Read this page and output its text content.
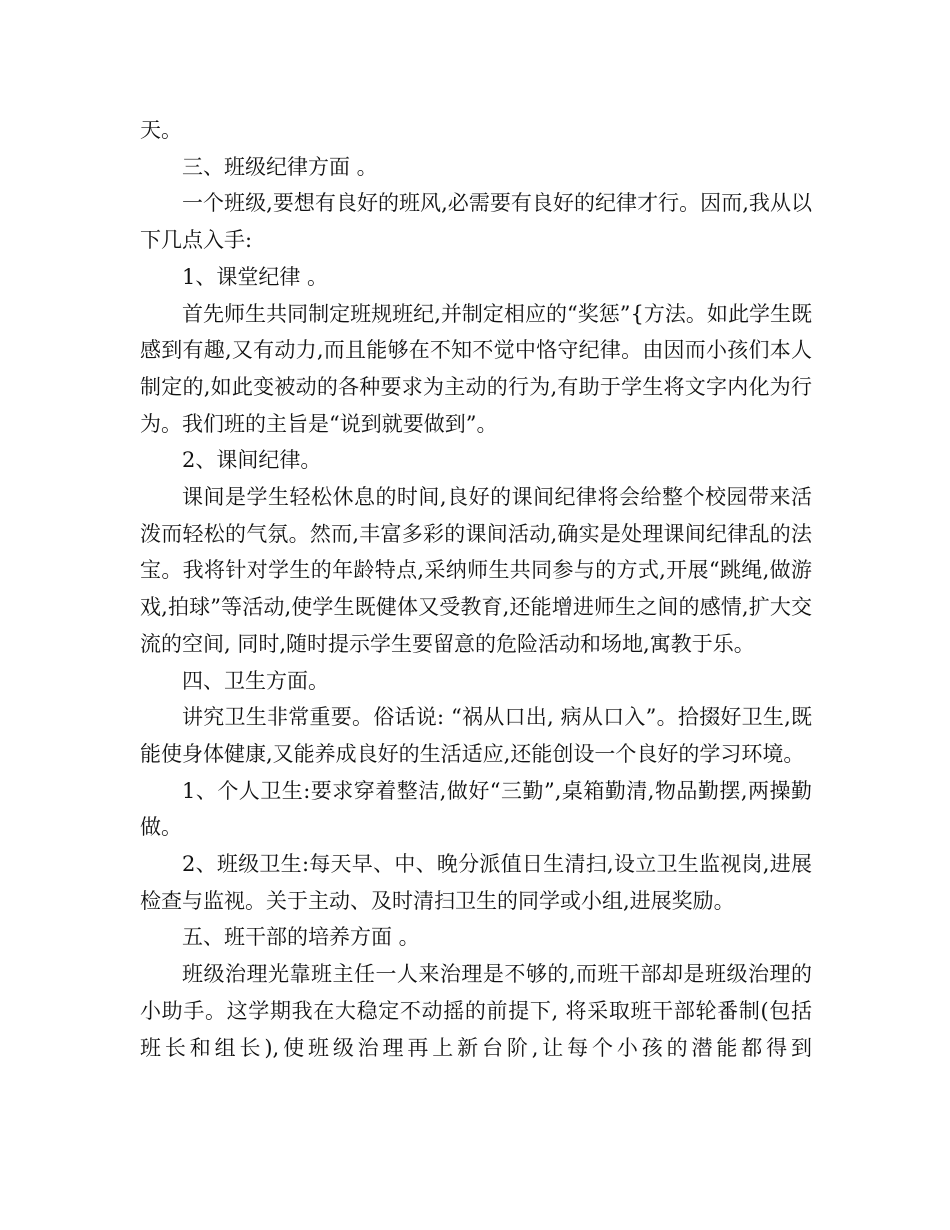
天。

三、班级纪律方面 。

一个班级,要想有良好的班风,必需要有良好的纪律才行。因而,我从以下几点入手:

1、课堂纪律 。

首先师生共同制定班规班纪,并制定相应的“奖惩”{方法。如此学生既感到有趣,又有动力,而且能够在不知不觉中恪守纪律。由因而小孩们本人制定的,如此变被动的各种要求为主动的行为,有助于学生将文字内化为行为。我们班的主旨是“说到就要做到”。

2、课间纪律。

课间是学生轻松休息的时间,良好的课间纪律将会给整个校园带来活泼而轻松的气氛。然而,丰富多彩的课间活动,确实是处理课间纪律乱的法宝。我将针对学生的年龄特点,采纳师生共同参与的方式,开展“跳绳,做游戏,拍球”等活动,使学生既健体又受教育,还能增进师生之间的感情,扩大交流的空间, 同时,随时提示学生要留意的危险活动和场地,寓教于乐。

四、卫生方面。

讲究卫生非常重要。俗话说: “祸从口出, 病从口入”。拾掇好卫生,既能使身体健康,又能养成良好的生活适应,还能创设一个良好的学习环境。

1、个人卫生:要求穿着整洁,做好“三勤”,桌箱勤清,物品勤摆,两操勤做。

2、班级卫生:每天早、中、晚分派值日生清扫,设立卫生监视岗,进展检查与监视。关于主动、及时清扫卫生的同学或小组,进展奖励。

五、班干部的培养方面 。

班级治理光靠班主任一人来治理是不够的,而班干部却是班级治理的小助手。这学期我在大稳定不动摇的前提下, 将采取班干部轮番制(包括班长和组长),使班级治理再上新台阶,让每个小孩的潜能都得到
